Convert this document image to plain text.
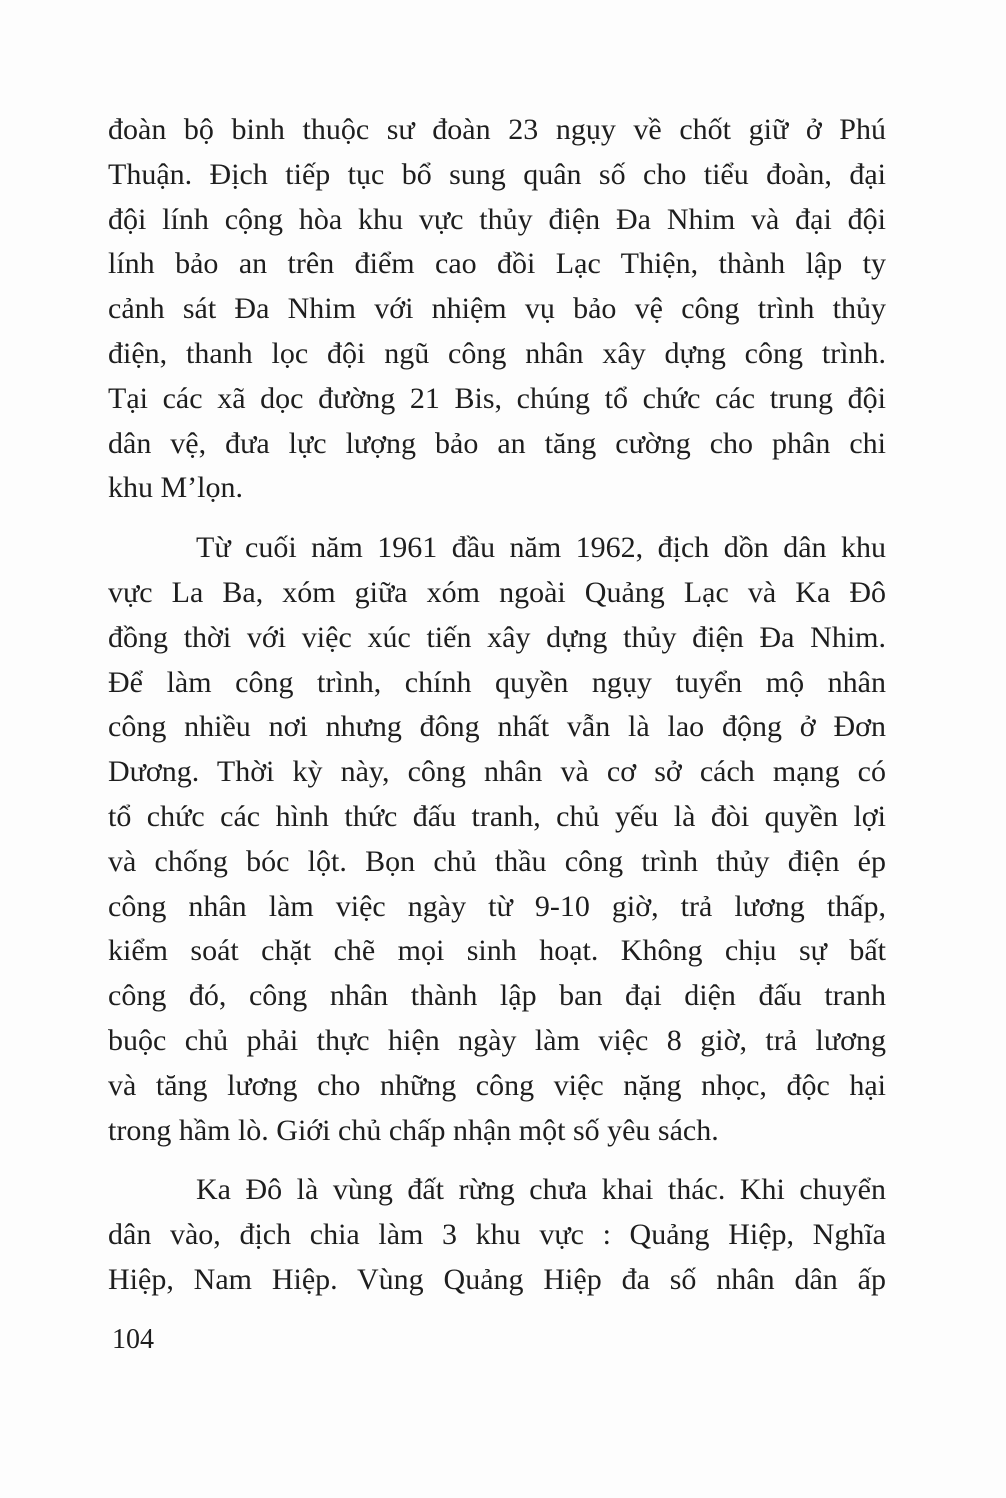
đoàn bộ binh thuộc sư đoàn 23 ngụy về chốt giữ ở Phú
Thuận. Địch tiếp tục bổ sung quân số cho tiểu đoàn, đại
đội lính cộng hòa khu vực thủy điện Đa Nhim và đại đội
lính bảo an trên điểm cao đồi Lạc Thiện, thành lập ty
cảnh sát Đa Nhim với nhiệm vụ bảo vệ công trình thủy
điện, thanh lọc đội ngũ công nhân xây dựng công trình.
Tại các xã dọc đường 21 Bis, chúng tổ chức các trung đội
dân vệ, đưa lực lượng bảo an tăng cường cho phân chi
khu M’lọn.
Từ cuối năm 1961 đầu năm 1962, địch dồn dân khu
vực La Ba, xóm giữa xóm ngoài Quảng Lạc và Ka Đô
đồng thời với việc xúc tiến xây dựng thủy điện Đa Nhim.
Để làm công trình, chính quyền ngụy tuyển mộ nhân
công nhiều nơi nhưng đông nhất vẫn là lao động ở Đơn
Dương. Thời kỳ này, công nhân và cơ sở cách mạng có
tổ chức các hình thức đấu tranh, chủ yếu là đòi quyền lợi
và chống bóc lột. Bọn chủ thầu công trình thủy điện ép
công nhân làm việc ngày từ 9-10 giờ, trả lương thấp,
kiểm soát chặt chẽ mọi sinh hoạt. Không chịu sự bất
công đó, công nhân thành lập ban đại diện đấu tranh
buộc chủ phải thực hiện ngày làm việc 8 giờ, trả lương
và tăng lương cho những công việc nặng nhọc, độc hại
trong hầm lò. Giới chủ chấp nhận một số yêu sách.
Ka Đô là vùng đất rừng chưa khai thác. Khi chuyển
dân vào, địch chia làm 3 khu vực : Quảng Hiệp, Nghĩa
Hiệp, Nam Hiệp. Vùng Quảng Hiệp đa số nhân dân ấp
104
